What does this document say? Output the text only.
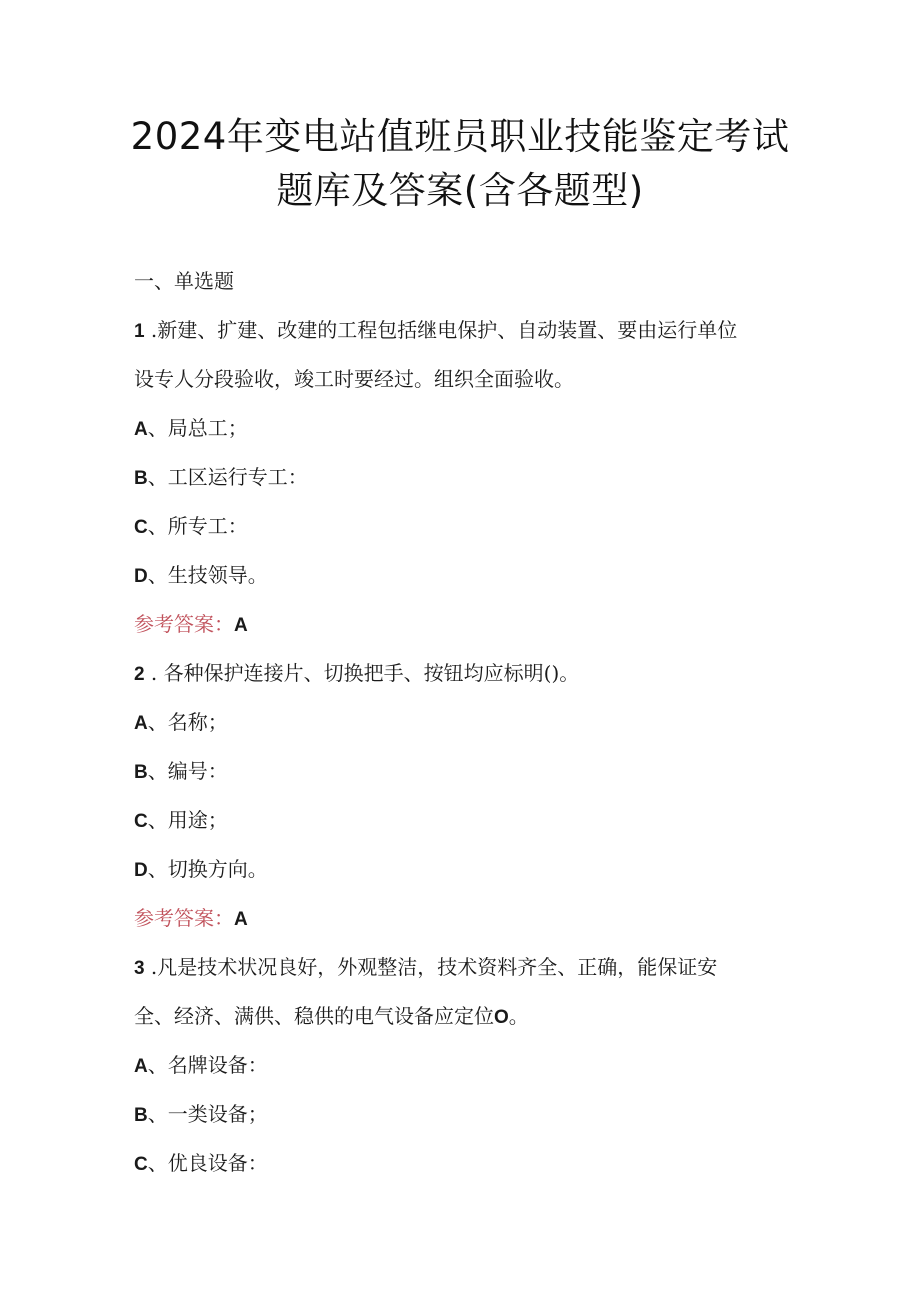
2024年变电站值班员职业技能鉴定考试
题库及答案(含各题型)
一、单选题
1 .新建、扩建、改建的工程包括继电保护、自动装置、要由运行单位
设专人分段验收，竣工时要经过。组织全面验收。
A、局总工；
B、工区运行专工：
C、所专工：
D、生技领导。
参考答案：A
2 . 各种保护连接片、切换把手、按钮均应标明()。
A、名称；
B、编号：
C、用途；
D、切换方向。
参考答案：A
3 .凡是技术状况良好，外观整洁，技术资料齐全、正确，能保证安
全、经济、满供、稳供的电气设备应定位O。
A、名牌设备：
B、一类设备；
C、优良设备：
